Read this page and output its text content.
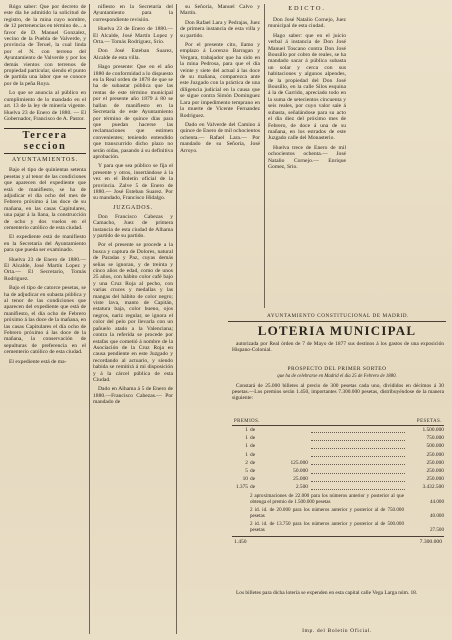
Rúgo saber: Que por decreto de este día he admitido la solicitud de registro, de la mina cuyo nombre, de 12 pertenencias en término de... a favor de D. Manuel Gonzalez, vecino de la Puebla de Valverde, y provincia de Teruel, la cual linda por el N. con terreno del Ayuntamiento de Valverde y por los demás vientos con terrenos de propiedad particular, siendo el punto de partida una labor que se conoce por de la peña Roya.

Lo que se anuncia al público en cumplimiento de lo mandado en el art. 13 de la ley de minería vigente. Huelva 23 de Enero de 1880. — El Gobernador, Francisco de A. Pastor.

Tercera seccion
AYUNTAMIENTOS.

Bajo el tipo de quinientas setenta pesetas y al tenor de las condiciones que aparecen del expediente que está de manifiesto, se ha de adjudicar el día ocho del mes de Febrero próximo á las doce de su mañana, en las casas Capitulares, una pajar á la llana, la construcción de ocho y dos vuelos en el cementerio católico de esta ciudad.

El expediente está de manifiesto en la Secretaría del Ayuntamiento para que pueda ser examinado.

Huelva 23 de Enero de 1880.— El Alcalde, José Martín Lopez y Orta.— El Secretario, Tomás Rodriguez.

Bajo el tipo de catorce pesetas, se ha de adjudicar en subasta pública y al tenor de las condiciones que aparecen del expediente que está de manifiesto, el día ocho de Febrero próximo á las doce de la mañana, en las casas Capitulares el día ocho de Febrero próximo á las doce de la mañana, la conservación de sepulturas de preferencia en el cementerio católico de esta ciudad.

El expediente está de ma-

nifiesto en la Secretaría del Ayuntamiento para la correspondiente revisión.

Huelva 23 de Enero de 1880.— El Alcalde, José Martín Lopez y Orta.— Tomás Rodriguez, Srio.

Don José Esteban Suarez, Alcalde de esta villa.

Hago presente: Que en el año 1880 de conformidad a lo dispuesto en la Real orden de 1878 de que se ha de subastar pública que las rentas de este término municipal por el presente año 1879 á 80 se hallan de manifiesto en la Secretaría de este Ayuntamiento por término de quince días para que puedan hacerse las reclamaciones que estimen convenientes; teniendo entendido que transcurrido dicho plazo no serán oídas, pasando á su definitiva aprobación.

Y para que sea público se fija el presente y otros, insertándose á la vez en el Boletín oficial de la provincia. Zalve 5 de Enero de 1880.— José Esteban Suarez. Por su mandado, Francisco Hidalgo.

JUZGADOS.

Don Francisco Cabezas y Camacho, Juez de primera instancia de esta ciudad de Alhama y partido de su partido.

Por el presente se procede a la busca y captura de Dolores, natural de Paradas y Paz, cuyas demás señas se ignoran, y de treinta y cinco años de edad, como de unos 25 años, con hábito color café bajo y una Cruz Roja al pecho, con varias cruces y medallas y las mangas del hábito de color negro; viste lava, manto de Capitán, estatura baja, color bueno, ojos negros, nariz regular, se ignora el color del pelo por llevarla con un pañuelo atado a la Valenciana; contra la referida se procede por estafas que cometió á nombre de la Asociación de la Cruz Roja en causa pendiente en este Juzgado y recordando al actuario, y siendo habida se remitirá á mi disposición y á la cárcel pública de esta Ciudad.

Dado en Alhama á 5 de Enero de 1880.—Francisco Cabezas.— Por mandado de

su Señoría, Manuel Calvo y Martín.

Don Rafael Lara y Pedrajas, Juez de primera instancia de esta villa y su partido.

Por el presente cito, llamo y emplazo á Lorenzo Barragan y Vergara, trabajador que ha sido en la mina Pedrosa, para que el día veinte y siete del actual á las doce de su mañana, comparezca ante este Juzgado con la práctica de una diligencia judicial en la causa que se sigue contra Simón Dominguez Lara por impedimento temprano en la muerte de Vicente Fernandez Rodriguez.

Dado en Valverde del Camino á quince de Enero de mil ochocientos ochenta.— Rafael Lara.— Por mandado de su Señoría, José Arroyo.

EDICTO.

Don José Natalio Cornejo, Juez municipal de esta ciudad.

Hago saber: que en el juicio verbal á instancia de Don José Manuel Toscano contra Don José Bousillo por cobro de reales, se ha mandado sacar á pública subasta un solar y cerca con sus habitaciones y algunos alpendes, de la propiedad del Don José Bousillo, en la calle Silos esquina á la de Garrido, apreciado todo en la suma de setecientos cincuenta y seis reales, por cuyo valor sale á subasta, señalándose para su acto el día diez del próximo mes de Febrero, de doce á una de su mañana, en los estrados de este Juzgado calle del Monasterio.

Huelva trece de Enero de mil ochocientos ochenta.— José Natalio Cornejo.— Enrique Gomez, Srio.

AYUNTAMIENTO CONSTITUCIONAL DE MADRID.
LOTERIA MUNICIPAL

autorizada por Real órden de 7 de Mayo de 1877 sus destinos á los gastos de una exposición Hispano-Colonial.

PROSPECTO DEL PRIMER SORTEO
que ha de celebrarse en Madrid el día 25 de Febrero de 1880.

Constará de 25.000 billetes al precio de 300 pesetas cada uno, divididos en décimos á 30 pesetas.—Los premios serán 1.450, importantes 7.300.000 pesetas, distribuyéndose de la manera siguiente:

PREMIOS.	PESETAS.
1 de	1.500.000
1 de	750.000
1 de	500.000
1 de	250.000
2 de	125.000	250.000
5 de	50.000	250.000
10 de	25.000	250.000
1.375 de	2.500	3.432.500
2 aproximaciones de 22.000 para los números anterior y posterior al que obtenga el premio de 1.500.000 pesetas	44.000
2 id. id. de 20.000 para los números anterior y posterior al de 750.000 pesetas	40.000
2 id. id. de 13.750 para los números anterior y posterior al de 500.000 pesetas	27.500
1.450	7.300.000

Los billetes para dicha lotería se expenden en esta capital calle Vega Larga núm. 18.

Imp. del Boletín Oficial.
